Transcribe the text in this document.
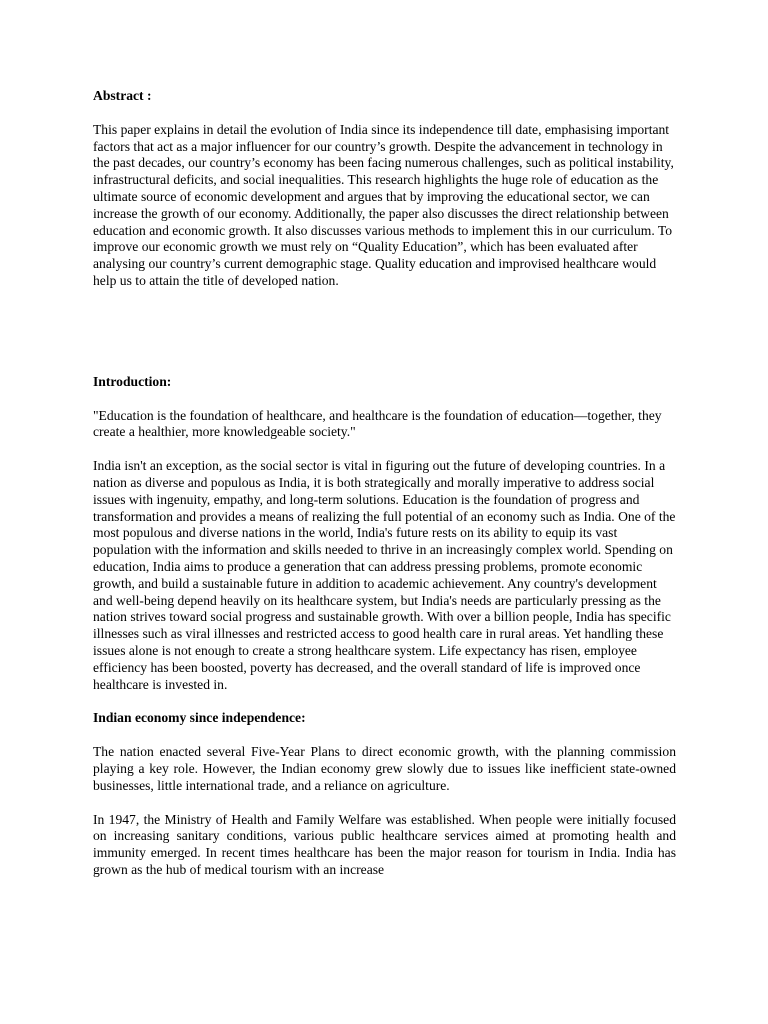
Abstract :

This paper explains in detail the evolution of India since its independence till date, emphasising important factors that act as a major influencer for our country’s growth. Despite the advancement in technology in the past decades, our country’s economy has been facing numerous challenges, such as political instability, infrastructural deficits, and social inequalities. This research highlights the huge role of education as the ultimate source of economic development and argues that by improving the educational sector, we can increase the growth of our economy. Additionally, the paper also discusses the direct relationship between education and economic growth. It also discusses various methods to implement this in our curriculum. To improve our economic growth we must rely on “Quality Education”, which has been evaluated after analysing our country’s current demographic stage. Quality education and improvised healthcare would help us to attain the title of developed nation.

Introduction:

"Education is the foundation of healthcare, and healthcare is the foundation of education—together, they create a healthier, more knowledgeable society."

India isn't an exception, as the social sector is vital in figuring out the future of developing countries. In a nation as diverse and populous as India, it is both strategically and morally imperative to address social issues with ingenuity, empathy, and long-term solutions. Education is the foundation of progress and transformation and provides a means of realizing the full potential of an economy such as India. One of the most populous and diverse nations in the world, India's future rests on its ability to equip its vast population with the information and skills needed to thrive in an increasingly complex world. Spending on education, India aims to produce a generation that can address pressing problems, promote economic growth, and build a sustainable future in addition to academic achievement. Any country's development and well-being depend heavily on its healthcare system, but India's needs are particularly pressing as the nation strives toward social progress and sustainable growth. With over a billion people, India has specific illnesses such as viral illnesses and restricted access to good health care in rural areas. Yet handling these issues alone is not enough to create a strong healthcare system. Life expectancy has risen, employee efficiency has been boosted, poverty has decreased, and the overall standard of life is improved once healthcare is invested in.

Indian economy since independence:

The nation enacted several Five-Year Plans to direct economic growth, with the planning commission playing a key role. However, the Indian economy grew slowly due to issues like inefficient state-owned businesses, little international trade, and a reliance on agriculture.

In 1947, the Ministry of Health and Family Welfare was established. When people were initially focused on increasing sanitary conditions, various public healthcare services aimed at promoting health and immunity emerged. In recent times healthcare has been the major reason for tourism in India. India has grown as the hub of medical tourism with an increase
